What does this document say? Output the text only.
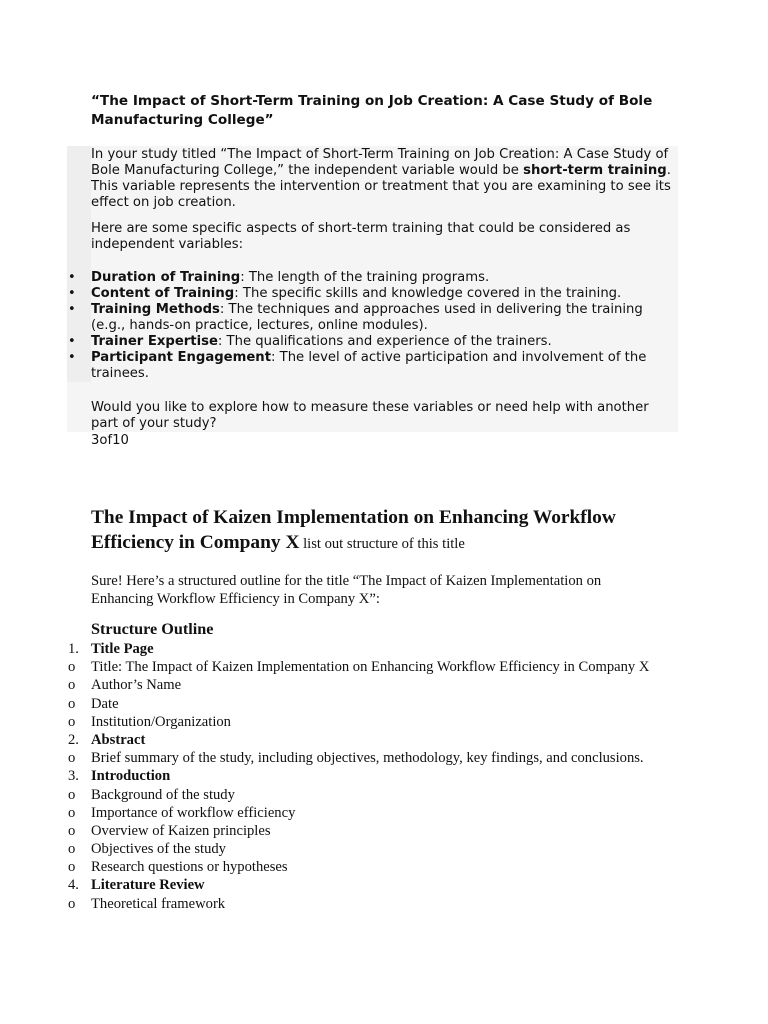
“The Impact of Short-Term Training on Job Creation: A Case Study of Bole Manufacturing College”
In your study titled “The Impact of Short-Term Training on Job Creation: A Case Study of Bole Manufacturing College,” the independent variable would be short-term training. This variable represents the intervention or treatment that you are examining to see its effect on job creation.
Here are some specific aspects of short-term training that could be considered as independent variables:
• Duration of Training: The length of the training programs.
• Content of Training: The specific skills and knowledge covered in the training.
• Training Methods: The techniques and approaches used in delivering the training (e.g., hands-on practice, lectures, online modules).
• Trainer Expertise: The qualifications and experience of the trainers.
• Participant Engagement: The level of active participation and involvement of the trainees.
Would you like to explore how to measure these variables or need help with another part of your study?
3of10
The Impact of Kaizen Implementation on Enhancing Workflow Efficiency in Company X list out structure of this title
Sure! Here’s a structured outline for the title “The Impact of Kaizen Implementation on Enhancing Workflow Efficiency in Company X”:
Structure Outline
1. Title Page
o Title: The Impact of Kaizen Implementation on Enhancing Workflow Efficiency in Company X
o Author’s Name
o Date
o Institution/Organization
2. Abstract
o Brief summary of the study, including objectives, methodology, key findings, and conclusions.
3. Introduction
o Background of the study
o Importance of workflow efficiency
o Overview of Kaizen principles
o Objectives of the study
o Research questions or hypotheses
4. Literature Review
o Theoretical framework
